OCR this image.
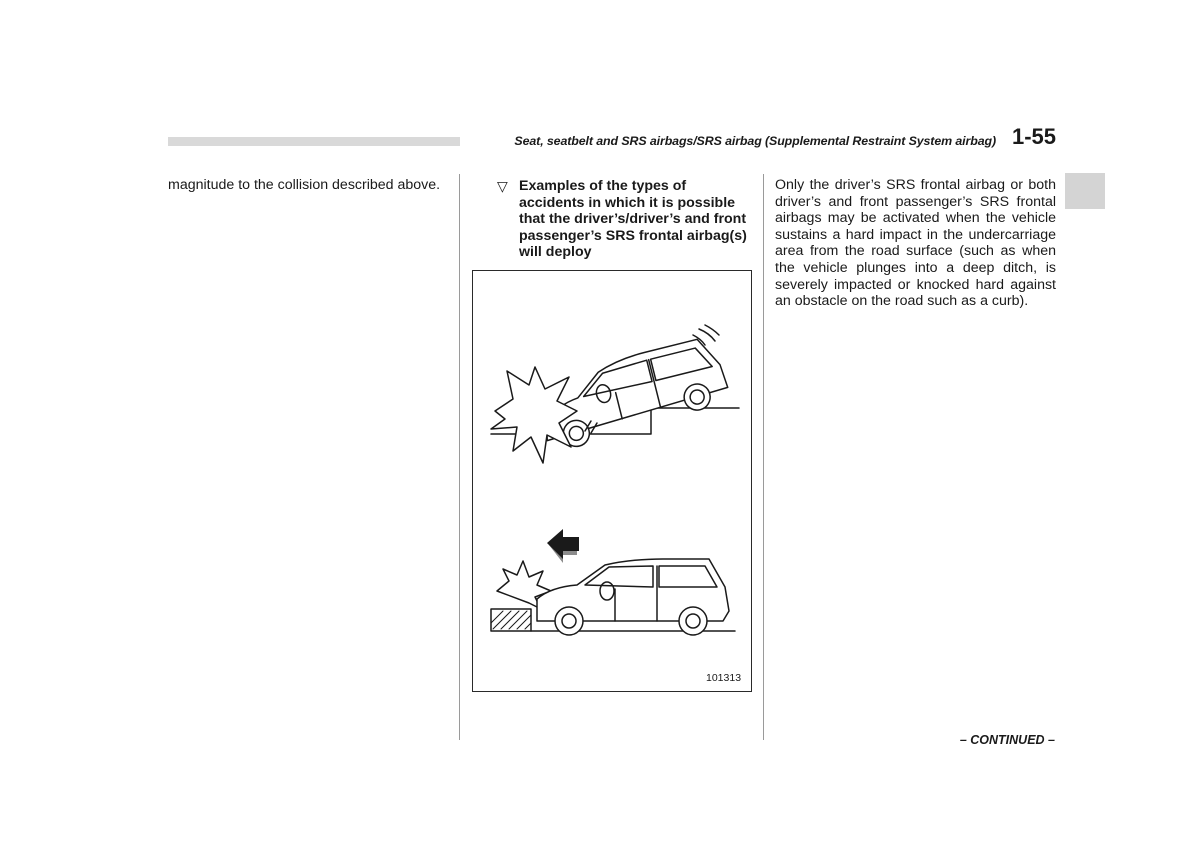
Seat, seatbelt and SRS airbags/SRS airbag (Supplemental Restraint System airbag) 1-55

magnitude to the collision described above.	▽ Examples of the types of accidents in which it is possible that the driver’s/driver’s and front passenger’s SRS frontal airbag(s) will deploy

101313

Only the driver’s SRS frontal airbag or both driver’s and front passenger’s SRS frontal airbags may be activated when the vehicle sustains a hard impact in the undercarriage area from the road surface (such as when the vehicle plunges into a deep ditch, is severely impacted or knocked hard against an obstacle on the road such as a curb).

– CONTINUED –
